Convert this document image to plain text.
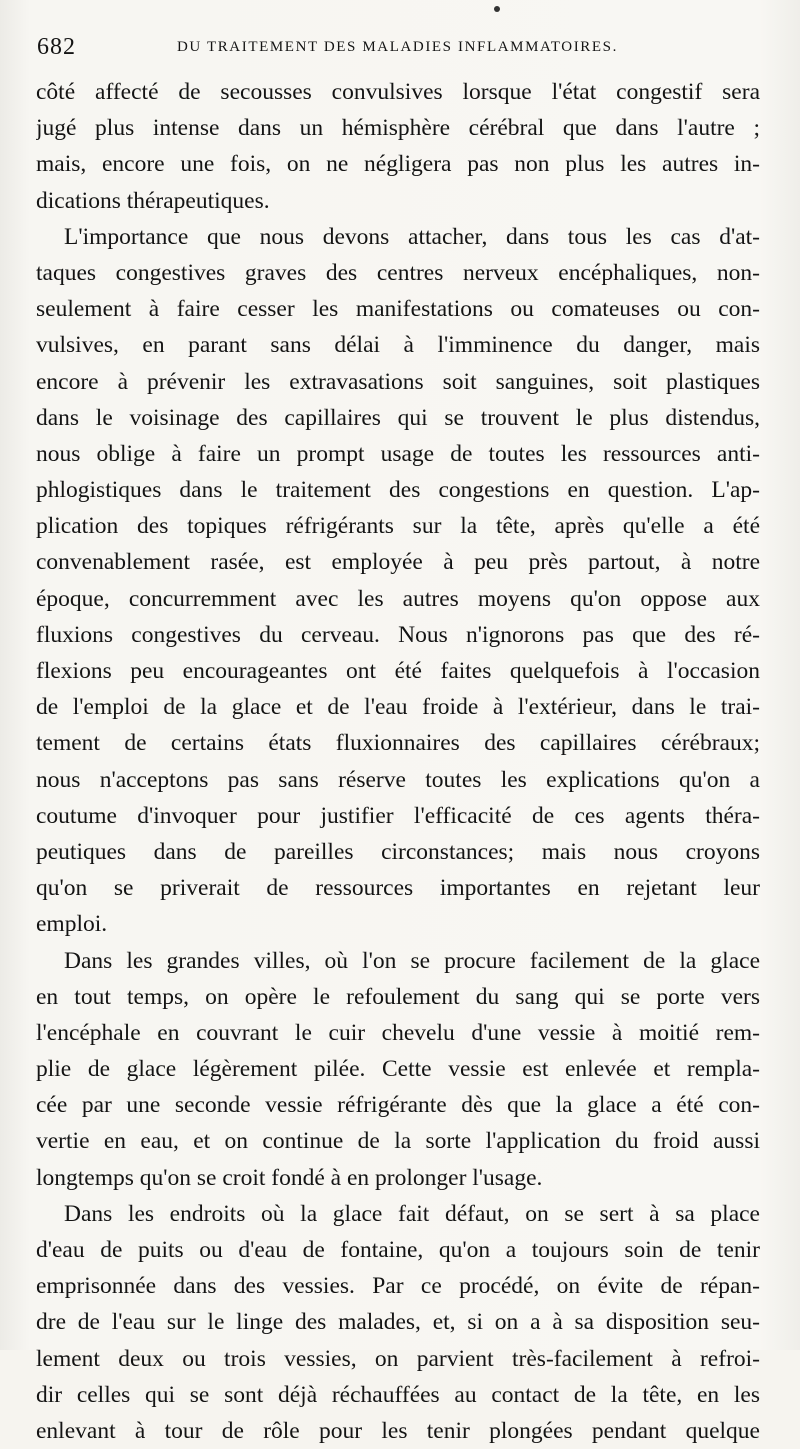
682	DU TRAITEMENT DES MALADIES INFLAMMATOIRES.
côté affecté de secousses convulsives lorsque l'état congestif sera
jugé plus intense dans un hémisphère cérébral que dans l'autre ;
mais, encore une fois, on ne négligera pas non plus les autres in-
dications thérapeutiques.
L'importance que nous devons attacher, dans tous les cas d'at-
taques congestives graves des centres nerveux encéphaliques, non-
seulement à faire cesser les manifestations ou comateuses ou con-
vulsives, en parant sans délai à l'imminence du danger, mais
encore à prévenir les extravasations soit sanguines, soit plastiques
dans le voisinage des capillaires qui se trouvent le plus distendus,
nous oblige à faire un prompt usage de toutes les ressources anti-
phlogistiques dans le traitement des congestions en question. L'ap-
plication des topiques réfrigérants sur la tête, après qu'elle a été
convenablement rasée, est employée à peu près partout, à notre
époque, concurremment avec les autres moyens qu'on oppose aux
fluxions congestives du cerveau. Nous n'ignorons pas que des ré-
flexions peu encourageantes ont été faites quelquefois à l'occasion
de l'emploi de la glace et de l'eau froide à l'extérieur, dans le trai-
tement de certains états fluxionnaires des capillaires cérébraux;
nous n'acceptons pas sans réserve toutes les explications qu'on a
coutume d'invoquer pour justifier l'efficacité de ces agents théra-
peutiques dans de pareilles circonstances; mais nous croyons
qu'on se priverait de ressources importantes en rejetant leur
emploi.
Dans les grandes villes, où l'on se procure facilement de la glace
en tout temps, on opère le refoulement du sang qui se porte vers
l'encéphale en couvrant le cuir chevelu d'une vessie à moitié rem-
plie de glace légèrement pilée. Cette vessie est enlevée et rempla-
cée par une seconde vessie réfrigérante dès que la glace a été con-
vertie en eau, et on continue de la sorte l'application du froid aussi
longtemps qu'on se croit fondé à en prolonger l'usage.
Dans les endroits où la glace fait défaut, on se sert à sa place
d'eau de puits ou d'eau de fontaine, qu'on a toujours soin de tenir
emprisonnée dans des vessies. Par ce procédé, on évite de répan-
dre de l'eau sur le linge des malades, et, si on a à sa disposition seu-
lement deux ou trois vessies, on parvient très-facilement à refroi-
dir celles qui se sont déjà réchauffées au contact de la tête, en les
enlevant à tour de rôle pour les tenir plongées pendant quelque
